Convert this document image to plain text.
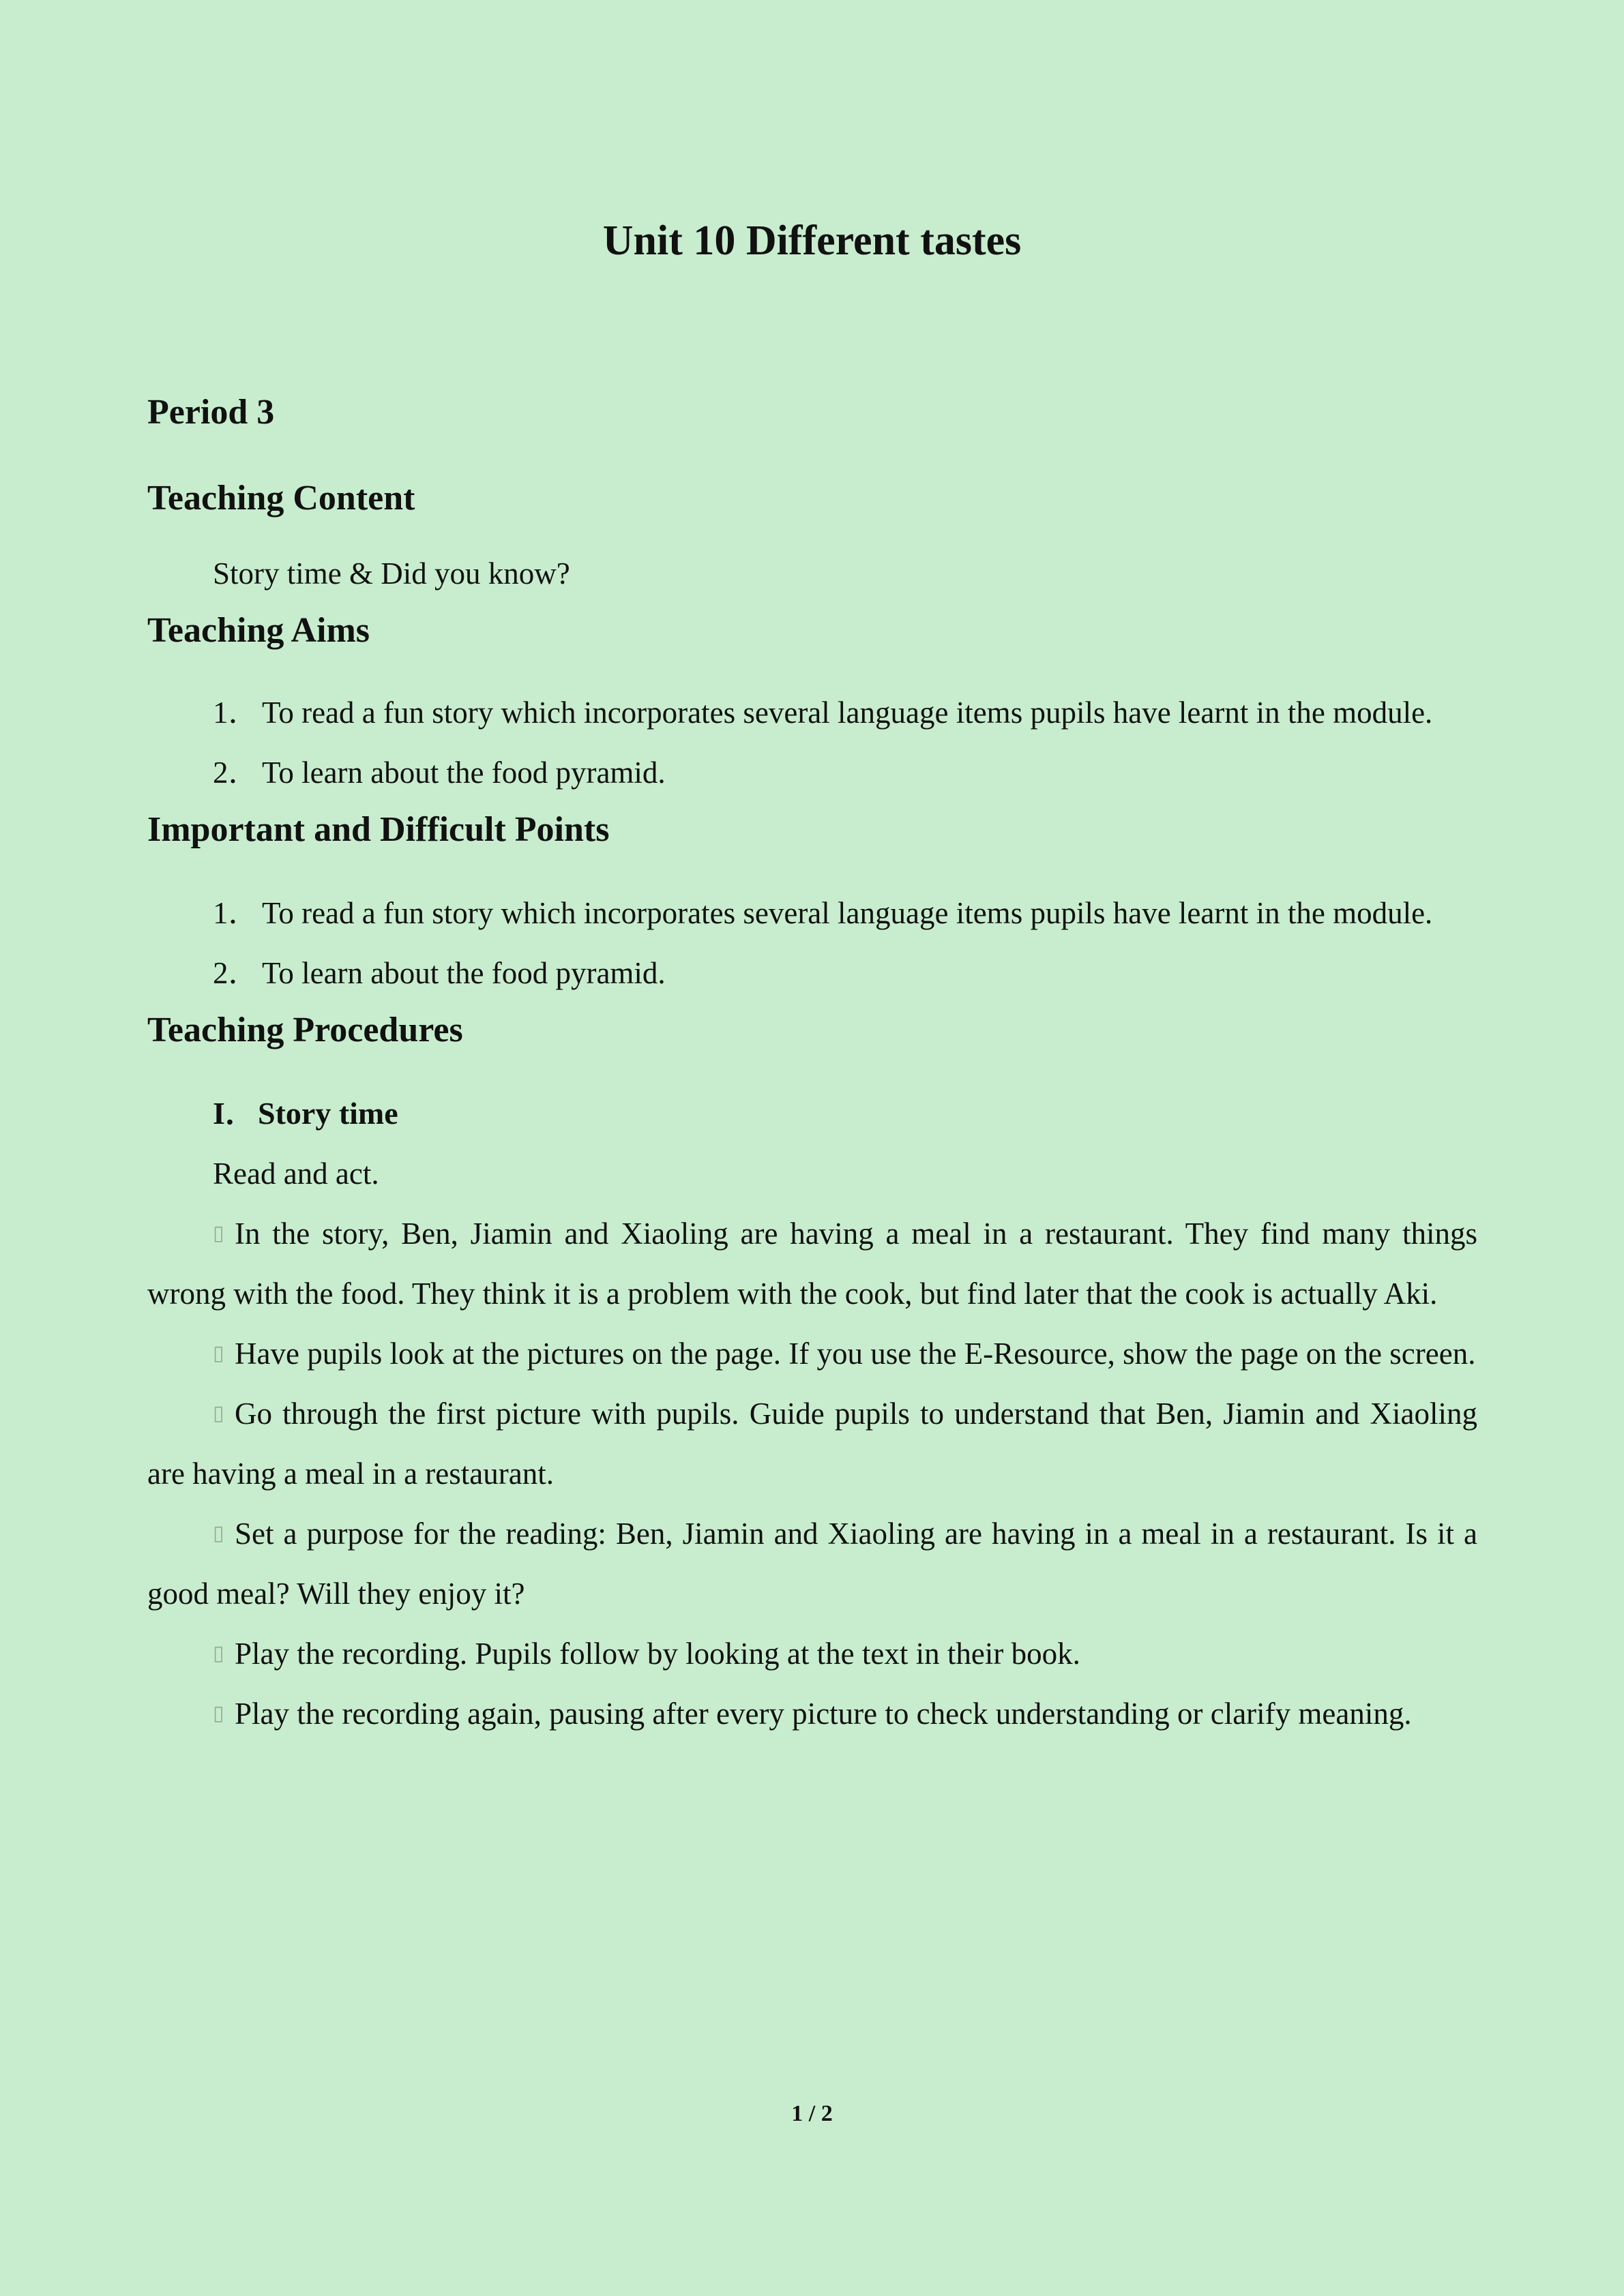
Unit 10 Different tastes
Period 3
Teaching Content

Story time & Did you know?

Teaching Aims

1．To read a fun story which incorporates several language items pupils have learnt in the module.

2．To learn about the food pyramid.

Important and Difficult Points

1．To read a fun story which incorporates several language items pupils have learnt in the module.

2．To learn about the food pyramid.

Teaching Procedures
I．Story time

Read and act.

▯ In the story, Ben, Jiamin and Xiaoling are having a meal in a restaurant. They find many things wrong with the food. They think it is a problem with the cook, but find later that the cook is actually Aki.

▯ Have pupils look at the pictures on the page. If you use the E-Resource, show the page on the screen.

▯ Go through the first picture with pupils. Guide pupils to understand that Ben, Jiamin and Xiaoling are having a meal in a restaurant.

▯ Set a purpose for the reading: Ben, Jiamin and Xiaoling are having in a meal in a restaurant. Is it a good meal? Will they enjoy it?

▯ Play the recording. Pupils follow by looking at the text in their book.

▯ Play the recording again, pausing after every picture to check understanding or clarify meaning.

1 / 2
